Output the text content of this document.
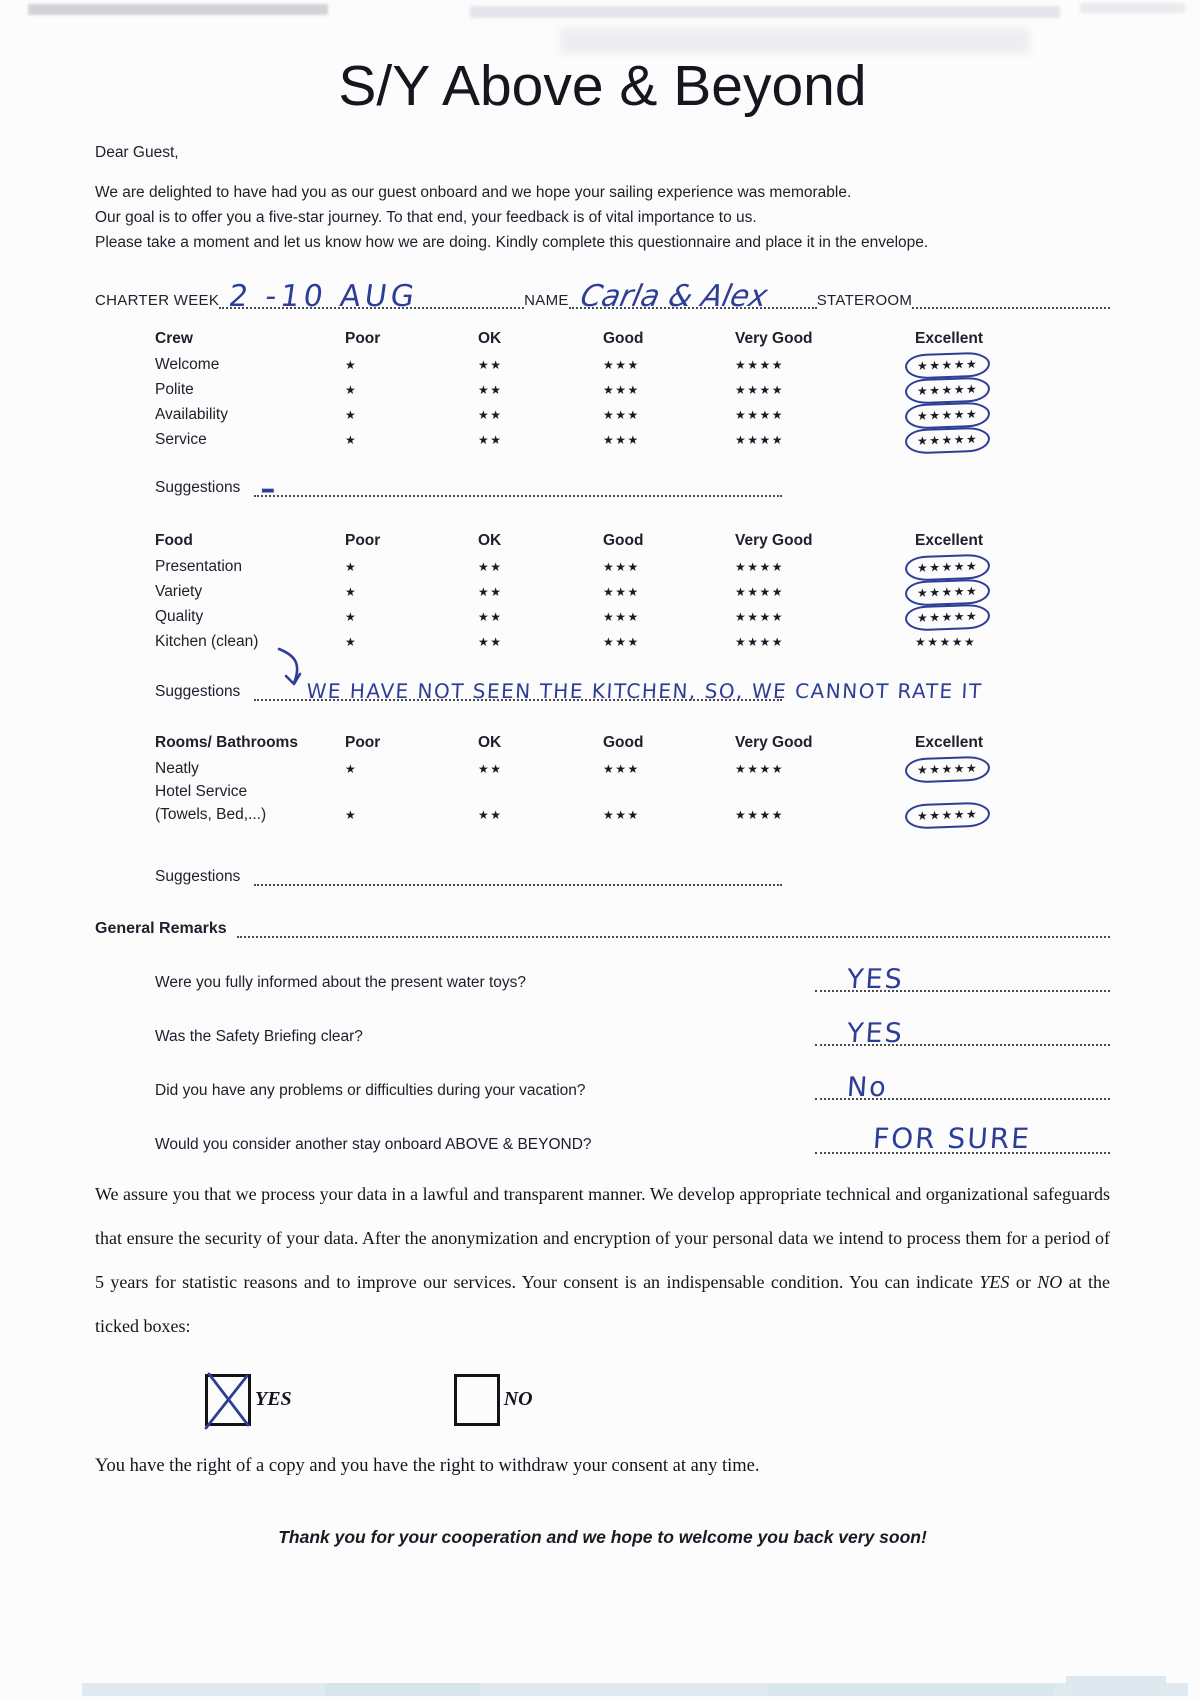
S/Y Above & Beyond
Dear Guest,
We are delighted to have had you as our guest onboard and we hope your sailing experience was memorable.
Our goal is to offer you a five-star journey. To that end, your feedback is of vital importance to us.
Please take a moment and let us know how we are doing. Kindly complete this questionnaire and place it in the envelope.
CHARTER WEEK 2 -10 AUG	NAME Carla & Alex	STATEROOM
Crew	Poor	OK	Good	Very Good	Excellent
Welcome	★	★★	★★★	★★★★	★★★★★
Polite	★	★★	★★★	★★★★	★★★★★
Availability	★	★★	★★★	★★★★	★★★★★
Service	★	★★	★★★	★★★★	★★★★★
Suggestions –
Food	Poor	OK	Good	Very Good	Excellent
Presentation	★	★★	★★★	★★★★	★★★★★
Variety	★	★★	★★★	★★★★	★★★★★
Quality	★	★★	★★★	★★★★	★★★★★
Kitchen (clean)	★	★★	★★★	★★★★	★★★★★
Suggestions	WE HAVE NOT SEEN THE KITCHEN, SO, WE CANNOT RATE IT
Rooms/ Bathrooms	Poor	OK	Good	Very Good	Excellent
Neatly	★	★★	★★★	★★★★	★★★★★
Hotel Service
(Towels, Bed,...)	★	★★	★★★	★★★★	★★★★★
Suggestions
General Remarks
Were you fully informed about the present water toys?	YES
Was the Safety Briefing clear?	YES
Did you have any problems or difficulties during your vacation?	No
Would you consider another stay onboard ABOVE & BEYOND?	FOR SURE

We assure you that we process your data in a lawful and transparent manner. We develop appropriate technical and organizational safeguards that ensure the security of your data. After the anonymization and encryption of your personal data we intend to process them for a period of 5 years for statistic reasons and to improve our services. Your consent is an indispensable condition. You can indicate YES or NO at the ticked boxes:

YES	NO
You have the right of a copy and you have the right to withdraw your consent at any time.
Thank you for your cooperation and we hope to welcome you back very soon!
